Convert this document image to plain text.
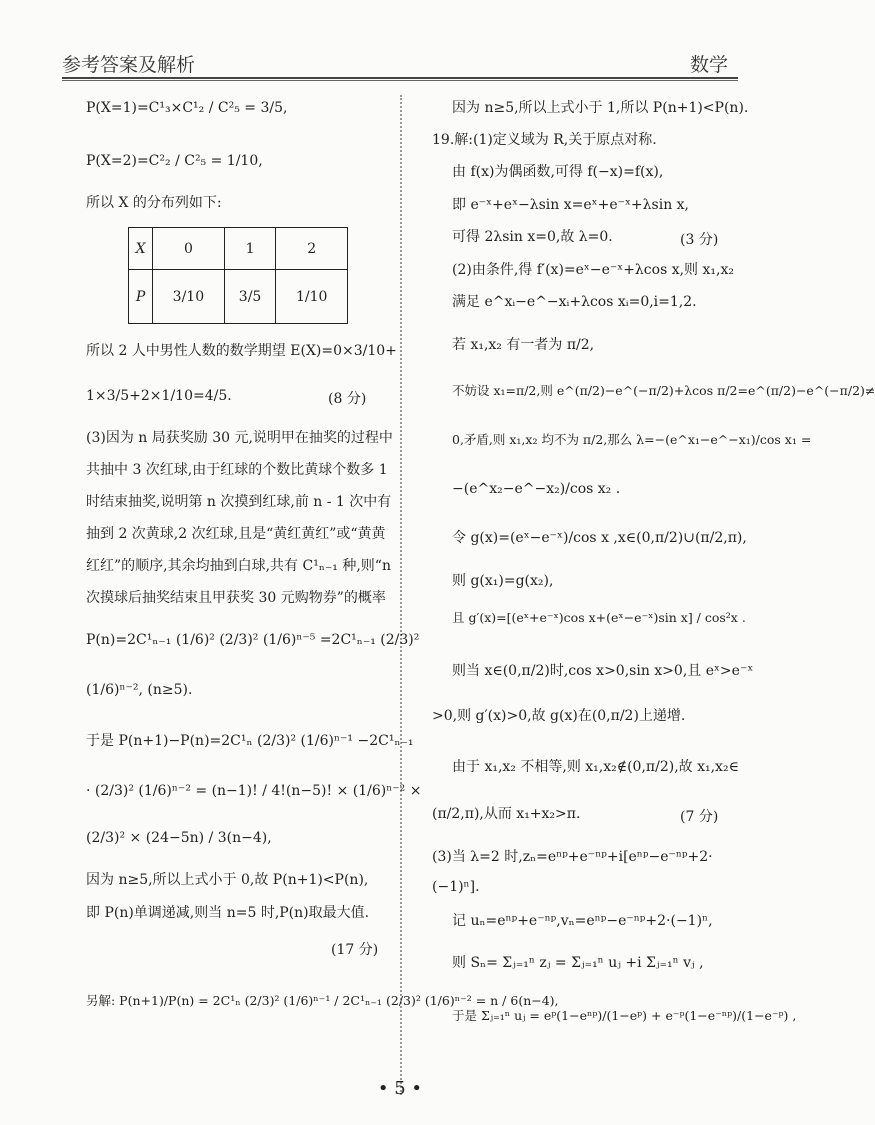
参考答案及解析	数学
P(X=1)=C¹₃×C¹₂ / C²₅ = 3/5,
P(X=2)=C²₂ / C²₅ = 1/10,
所以 X 的分布列如下:
X	0	1	2
P	3/10	3/5	1/10
所以 2 人中男性人数的数学期望 E(X)=0×3/10+
1×3/5+2×1/10=4/5.	(8 分)
(3)因为 n 局获奖励 30 元,说明甲在抽奖的过程中
共抽中 3 次红球,由于红球的个数比黄球个数多 1
时结束抽奖,说明第 n 次摸到红球,前 n - 1 次中有
抽到 2 次黄球,2 次红球,且是“黄红黄红”或“黄黄
红红”的顺序,其余均抽到白球,共有 C¹ₙ₋₁ 种,则“n
次摸球后抽奖结束且甲获奖 30 元购物券”的概率
P(n)=2C¹ₙ₋₁ (1/6)² (2/3)² (1/6)ⁿ⁻⁵ =2C¹ₙ₋₁ (2/3)²
(1/6)ⁿ⁻², (n≥5).
于是 P(n+1)−P(n)=2C¹ₙ (2/3)² (1/6)ⁿ⁻¹ −2C¹ₙ₋₁
· (2/3)² (1/6)ⁿ⁻² = (n−1)! / 4!(n−5)! × (1/6)ⁿ⁻² ×
(2/3)² × (24−5n) / 3(n−4),
因为 n≥5,所以上式小于 0,故 P(n+1)<P(n),
即 P(n)单调递减,则当 n=5 时,P(n)取最大值.
(17 分)
另解: P(n+1)/P(n) = 2C¹ₙ (2/3)² (1/6)ⁿ⁻¹ / 2C¹ₙ₋₁ (2/3)² (1/6)ⁿ⁻² = n / 6(n−4),
因为 n≥5,所以上式小于 1,所以 P(n+1)<P(n).
19.解:(1)定义域为 R,关于原点对称.
由 f(x)为偶函数,可得 f(−x)=f(x),
即 e⁻ˣ+eˣ−λsin x=eˣ+e⁻ˣ+λsin x,
可得 2λsin x=0,故 λ=0.	(3 分)
(2)由条件,得 f′(x)=eˣ−e⁻ˣ+λcos x,则 x₁,x₂
满足 e^xᵢ−e^−xᵢ+λcos xᵢ=0,i=1,2.
若 x₁,x₂ 有一者为 π/2,
不妨设 x₁=π/2,则 e^(π/2)−e^(−π/2)+λcos π/2=e^(π/2)−e^(−π/2)≠
0,矛盾,则 x₁,x₂ 均不为 π/2,那么 λ=−(e^x₁−e^−x₁)/cos x₁ =
−(e^x₂−e^−x₂)/cos x₂ .
令 g(x)=(eˣ−e⁻ˣ)/cos x ,x∈(0,π/2)∪(π/2,π),
则 g(x₁)=g(x₂),
且 g′(x)=[(eˣ+e⁻ˣ)cos x+(eˣ−e⁻ˣ)sin x] / cos²x .
则当 x∈(0,π/2)时,cos x>0,sin x>0,且 eˣ>e⁻ˣ
>0,则 g′(x)>0,故 g(x)在(0,π/2)上递增.
由于 x₁,x₂ 不相等,则 x₁,x₂∉(0,π/2),故 x₁,x₂∈
(π/2,π),从而 x₁+x₂>π.	(7 分)
(3)当 λ=2 时,zₙ=eⁿᵖ+e⁻ⁿᵖ+i[eⁿᵖ−e⁻ⁿᵖ+2·
(−1)ⁿ].
记 uₙ=eⁿᵖ+e⁻ⁿᵖ,vₙ=eⁿᵖ−e⁻ⁿᵖ+2·(−1)ⁿ,
则 Sₙ= Σⱼ₌₁ⁿ zⱼ = Σⱼ₌₁ⁿ uⱼ +i Σⱼ₌₁ⁿ vⱼ ,
于是 Σⱼ₌₁ⁿ uⱼ = eᵖ(1−eⁿᵖ)/(1−eᵖ) + e⁻ᵖ(1−e⁻ⁿᵖ)/(1−e⁻ᵖ) ,
• 5 •
